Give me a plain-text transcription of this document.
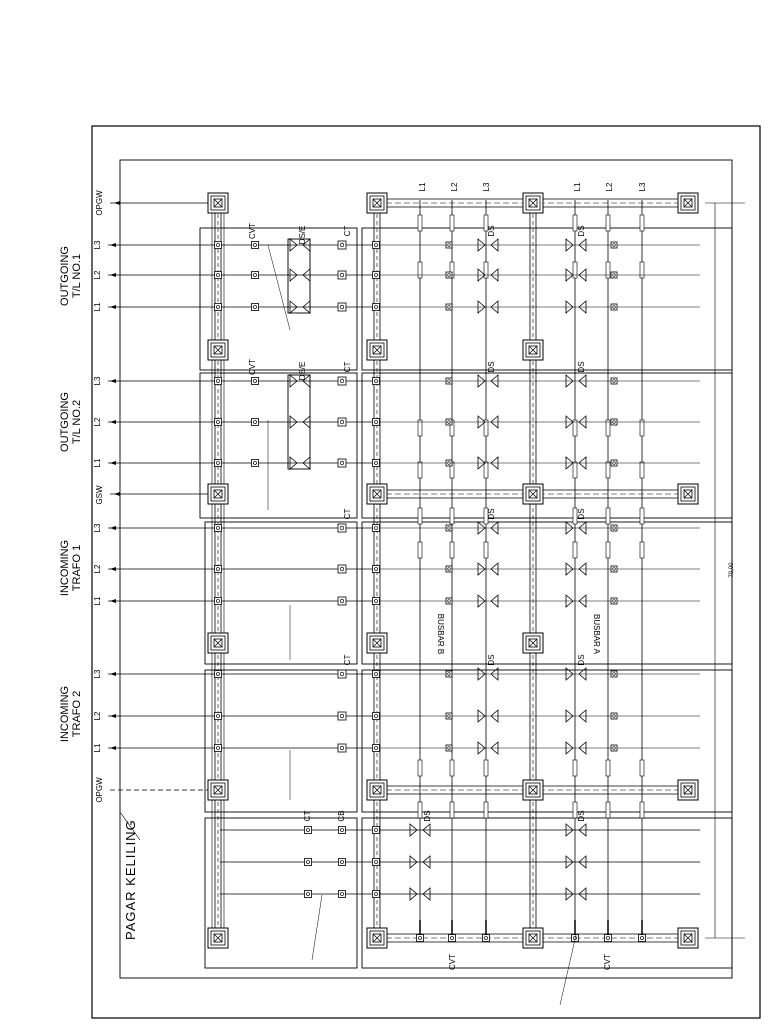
L1
L2
L3
CT	DS	DS
CVT	DS/E
L1
L2
L3
CT	DS	DS
CVT	DS/E
L1
L2
L3
CT	DS	DS
L1
L2
L3
CT	DS	DS
CT	CB	DS	DS
PAGAR KELILING
OUTGOING T/L NO.1
OUTGOING T/L NO.2
INCOMING TRAFO 1
INCOMING TRAFO 2
OPGW
GSW
OPGW
BUSBAR B	BUSBAR A
70,00
L1	L2	L3	L1	L2	L3
CVT	CVT
